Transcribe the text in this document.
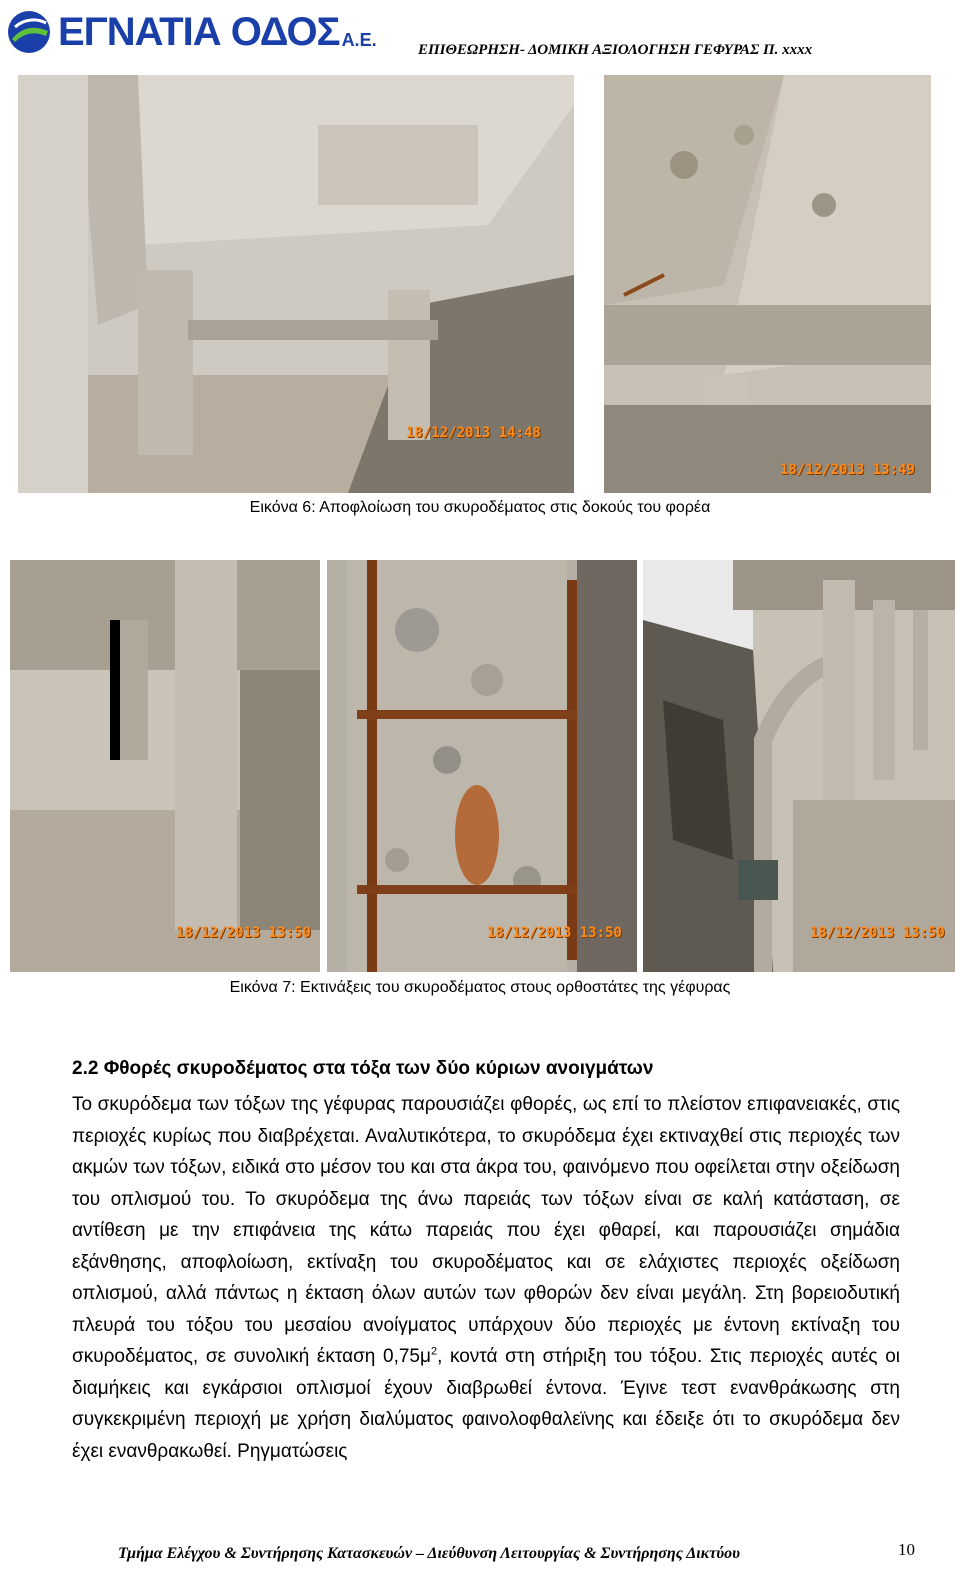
ΕΓΝΑΤΙΑ ΟΔΟΣ Α.Ε.
ΕΠΙΘΕΩΡΗΣΗ- ΔΟΜΙΚΗ ΑΞΙΟΛΟΓΗΣΗ ΓΕΦΥΡΑΣ Π. xxxx
18/12/2013 14:48
18/12/2013 13:49
Εικόνα 6: Αποφλοίωση του σκυροδέματος στις δοκούς του φορέα
18/12/2013 13:50	18/12/2013 13:50	18/12/2013 13:50
Εικόνα 7: Εκτινάξεις του σκυροδέματος στους ορθοστάτες της γέφυρας
2.2 Φθορές σκυροδέματος στα τόξα των δύο κύριων ανοιγμάτων

Το σκυρόδεμα των τόξων της γέφυρας παρουσιάζει φθορές, ως επί το πλείστον επιφανειακές, στις περιοχές κυρίως που διαβρέχεται. Αναλυτικότερα, το σκυρόδεμα έχει εκτιναχθεί στις περιοχές των ακμών των τόξων, ειδικά στο μέσον του και στα άκρα του, φαινόμενο που οφείλεται στην οξείδωση του οπλισμού του. Το σκυρόδεμα της άνω παρειάς των τόξων είναι σε καλή κατάσταση, σε αντίθεση με την επιφάνεια της κάτω παρειάς που έχει φθαρεί, και παρουσιάζει σημάδια εξάνθησης, αποφλοίωση, εκτίναξη του σκυροδέματος και σε ελάχιστες περιοχές οξείδωση οπλισμού, αλλά πάντως η έκταση όλων αυτών των φθορών δεν είναι μεγάλη. Στη βορειοδυτική πλευρά του τόξου του μεσαίου ανοίγματος υπάρχουν δύο περιοχές με έντονη εκτίναξη του σκυροδέματος, σε συνολική έκταση $0,75\mu^2$, κοντά στη στήριξη του τόξου. Στις περιοχές αυτές οι διαμήκεις και εγκάρσιοι οπλισμοί έχουν διαβρωθεί έντονα. Έγινε τεστ ενανθράκωσης στη συγκεκριμένη περιοχή με χρήση διαλύματος φαινολοφθαλεϊνης και έδειξε ότι το σκυρόδεμα δεν έχει ενανθρακωθεί. Ρηγματώσεις

Τμήμα Ελέγχου & Συντήρησης Κατασκευών – Διεύθυνση Λειτουργίας & Συντήρησης Δικτύου	10
